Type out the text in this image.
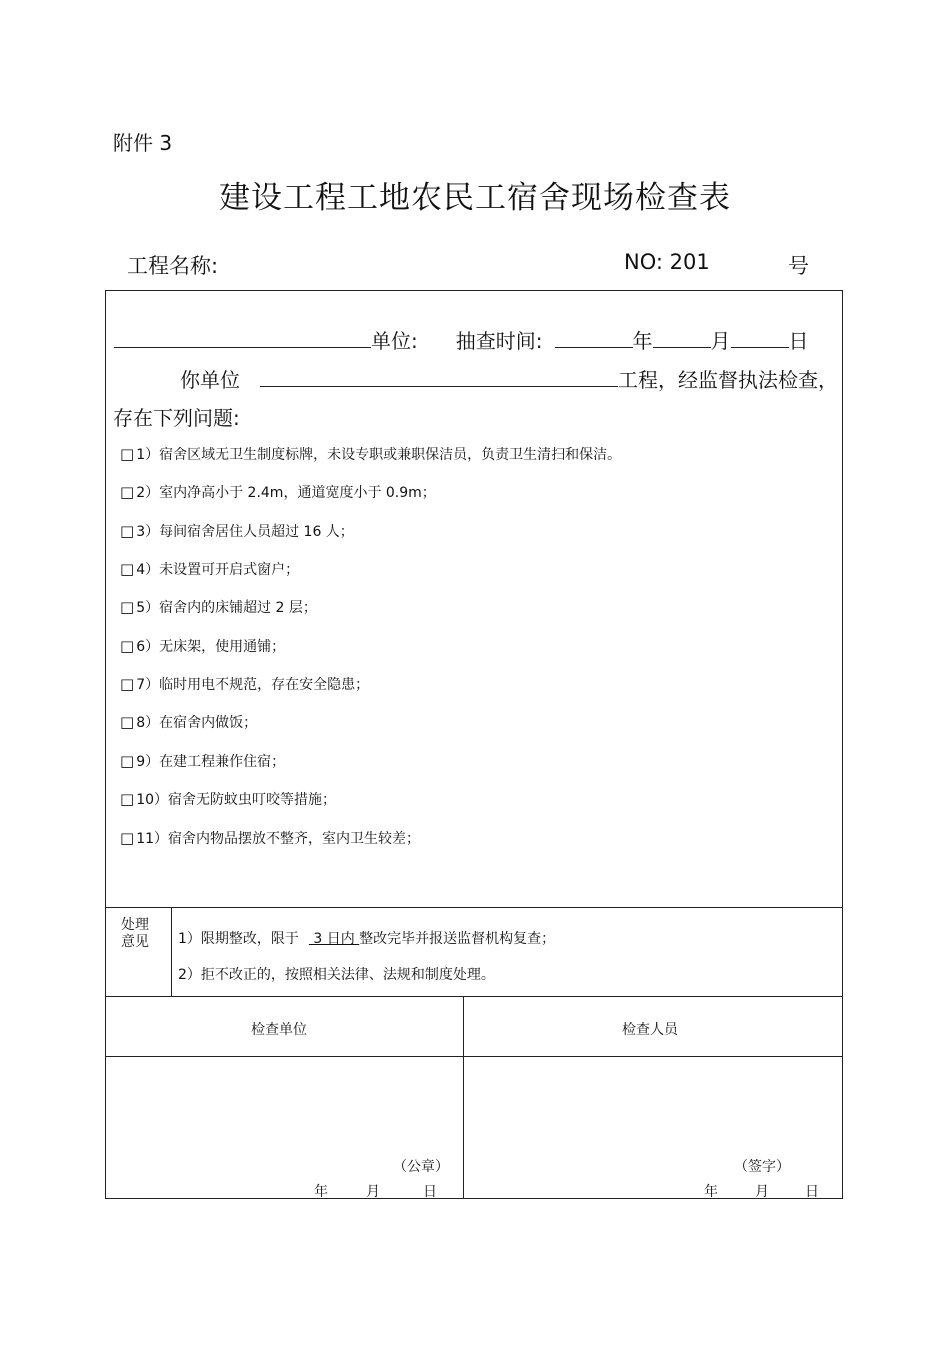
附件 3
建设工程工地农民工宿舍现场检查表
工程名称:	NO: 201	号
单位: 抽查时间:	年	月	日
你单位	工程，经监督执法检查，
存在下列问题:
□ 1）宿舍区域无卫生制度标牌，未设专职或兼职保洁员，负责卫生清扫和保洁。
□ 2）室内净高小于 2.4m，通道宽度小于 0.9m；
□ 3）每间宿舍居住人员超过 16 人；
□ 4）未设置可开启式窗户；
□ 5）宿舍内的床铺超过 2 层；
□ 6）无床架，使用通铺；
□ 7）临时用电不规范，存在安全隐患；
□ 8）在宿舍内做饭；
□ 9）在建工程兼作住宿；
□ 10）宿舍无防蚊虫叮咬等措施；
□ 11）宿舍内物品摆放不整齐，室内卫生较差；
处理意见 1）限期整改，限于 3 日内 整改完毕并报送监督机构复查；
2）拒不改正的，按照相关法律、法规和制度处理。
检查单位	检查人员
（公章）
年	月	日
（签字）
年	月	日
